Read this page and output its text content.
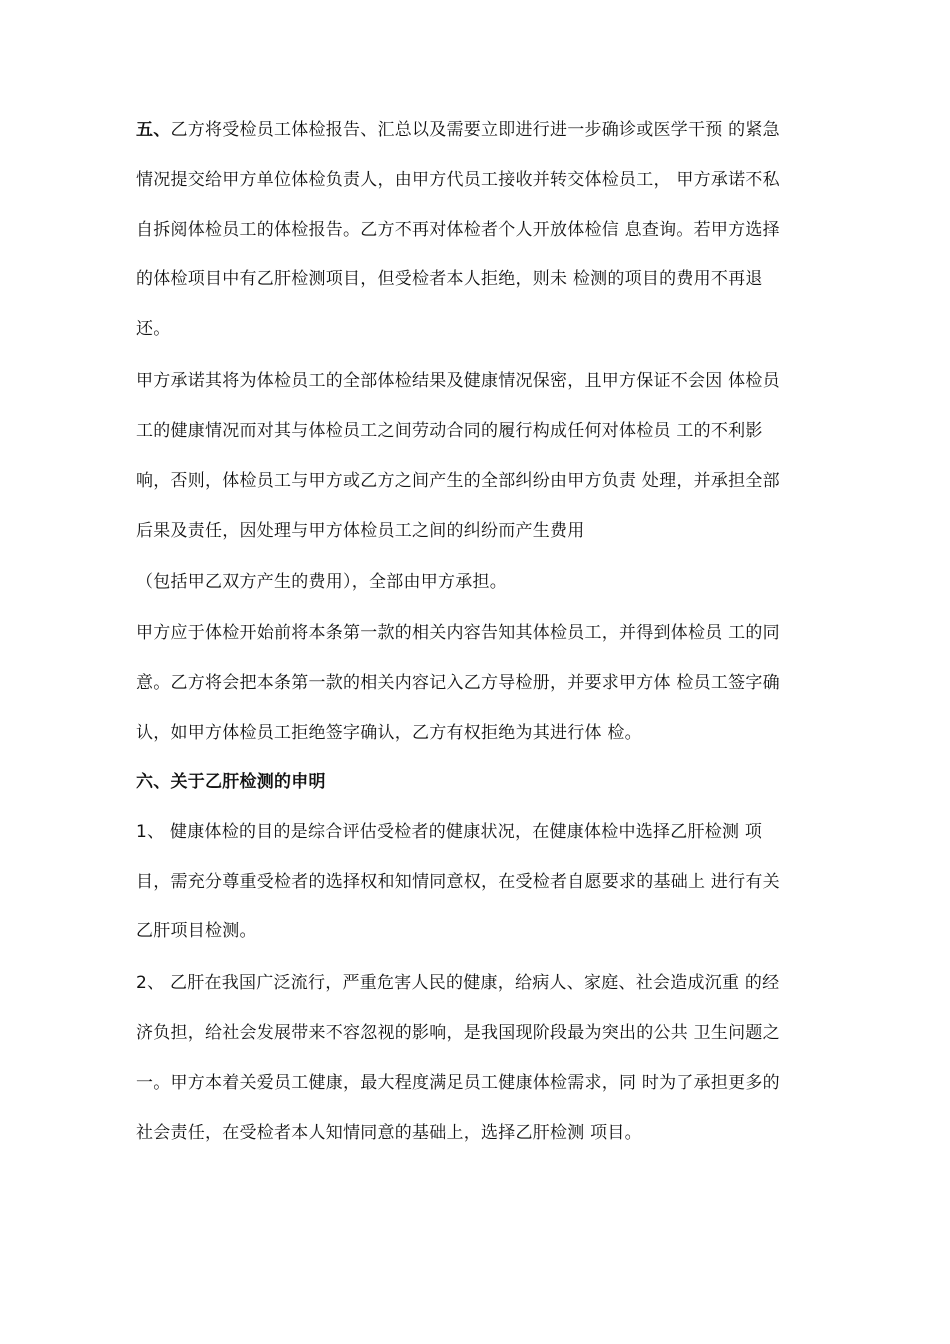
五、乙方将受检员工体检报告、汇总以及需要立即进行进一步确诊或医学干预 的紧急
情况提交给甲方单位体检负责人，由甲方代员工接收并转交体检员工， 甲方承诺不私
自拆阅体检员工的体检报告。乙方不再对体检者个人开放体检信 息查询。若甲方选择
的体检项目中有乙肝检测项目，但受检者本人拒绝，则未 检测的项目的费用不再退
还。
甲方承诺其将为体检员工的全部体检结果及健康情况保密，且甲方保证不会因 体检员
工的健康情况而对其与体检员工之间劳动合同的履行构成任何对体检员 工的不利影
响，否则，体检员工与甲方或乙方之间产生的全部纠纷由甲方负责 处理，并承担全部
后果及责任，因处理与甲方体检员工之间的纠纷而产生费用
（包括甲乙双方产生的费用），全部由甲方承担。
甲方应于体检开始前将本条第一款的相关内容告知其体检员工，并得到体检员 工的同
意。乙方将会把本条第一款的相关内容记入乙方导检册，并要求甲方体 检员工签字确
认，如甲方体检员工拒绝签字确认，乙方有权拒绝为其进行体 检。
六、关于乙肝检测的申明
1、 健康体检的目的是综合评估受检者的健康状况，在健康体检中选择乙肝检测 项
目，需充分尊重受检者的选择权和知情同意权，在受检者自愿要求的基础上 进行有关
乙肝项目检测。
2、 乙肝在我国广泛流行，严重危害人民的健康，给病人、家庭、社会造成沉重 的经
济负担，给社会发展带来不容忽视的影响，是我国现阶段最为突出的公共 卫生问题之
一。甲方本着关爱员工健康，最大程度满足员工健康体检需求，同 时为了承担更多的
社会责任，在受检者本人知情同意的基础上，选择乙肝检测 项目。
